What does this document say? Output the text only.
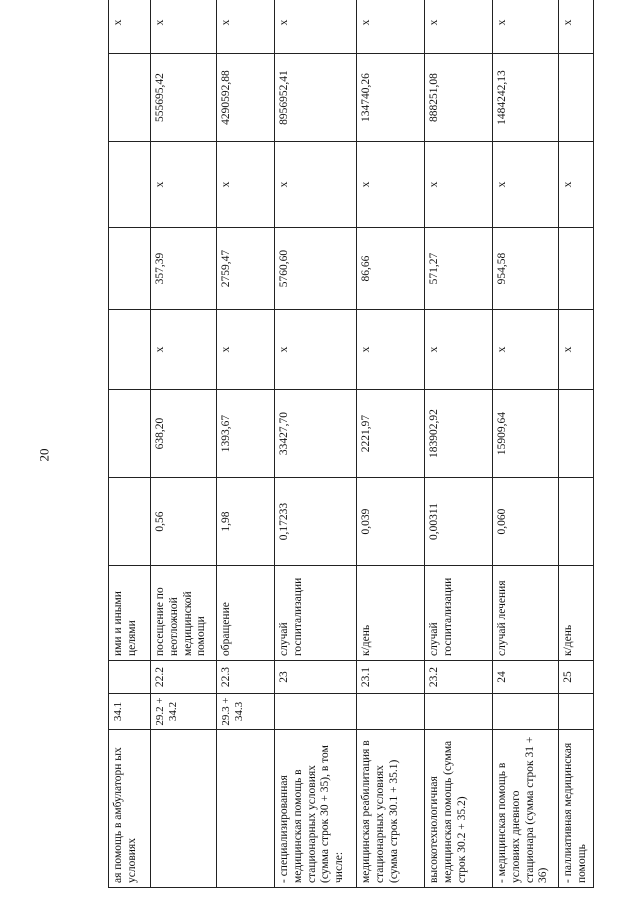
20
ая помощь в амбулаторн ых условиях	34.1		ими и иными целями							x
	29.2 + 34.2	22.2	посещение по неотложной медицинской помощи	0,56	638,20	x	357,39	x	555695,42	x
	29.3 + 34.3	22.3	обращение	1,98	1393,67	x	2759,47	x	4290592,88	x
- специализированная медицинская помощь в стационарных условиях (сумма строк 30 + 35), в том числе:		23	случай госпитализации	0,17233	33427,70	x	5760,60	x	8956952,41	x
медицинская реабилитация в стационарных условиях (сумма строк 30.1 + 35.1)		23.1	к/день	0,039	2221,97	x	86,66	x	134740,26	x
высокотехнологичная медицинская помощь (сумма строк 30.2 + 35.2)		23.2	случай госпитализации	0,00311	183902,92	x	571,27	x	888251,08	x
- медицинская помощь в условиях дневного стационара (сумма строк 31 + 36)		24	случай лечения	0,060	15909,64	x	954,58	x	1484242,13	x
- паллиативная медицинская помощь		25	к/день			x		x		x
